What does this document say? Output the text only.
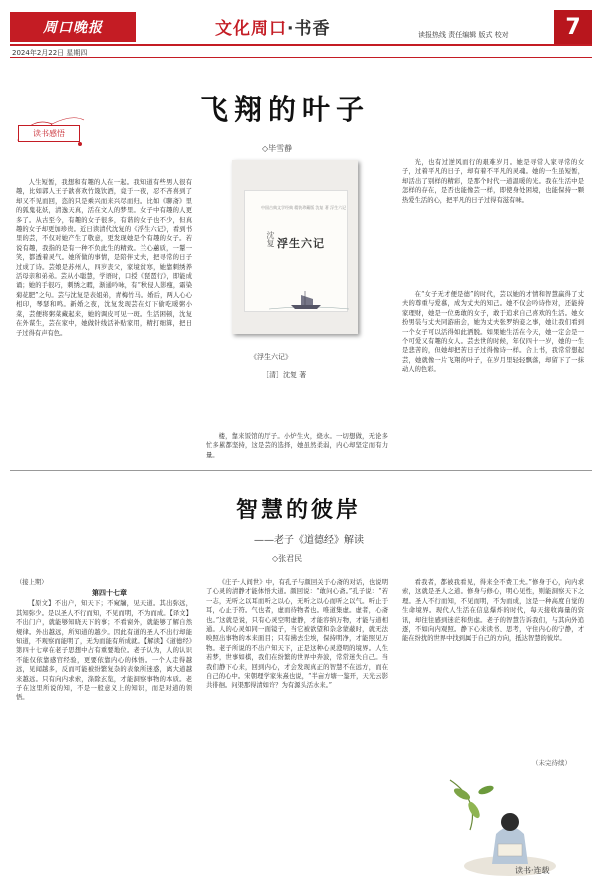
周口晚报	文化周口·书香	读报热线 责任编辑 版式 校对	7
2024年2月22日 星期四
读书感悟
飞翔的叶子
◇毕雪静

人生短暂，我想和有趣的人在一起。我知道有些男人很有趣，比如郭人王子歆喜欢竹篾饮酒，竟于一夜，忍不吝喜到了却又不见而回，恣的只是乘兴而来兴尽而归。比如《聊斋》里的狐鬼花妖，清逸天真，活在文人的梦里。女子中有趣的人更多了。从古至今，有趣的女子很多，有谐的女子也不少，但真趣的女子却更加珍贵。近日读清代沈复的《浮生六记》，看到书里的芸，不仅对她产生了敬意，更发现她是个有趣的女子。若说有趣，我指的是有一种不负此生的精致。兰心蕙质，一颦一笑，都透着灵气。她所做的事情，是陪伴丈夫，把寻常的日子过成了诗。芸娘是苏州人，四岁丧父，家境贫寒，她靠刺绣养活母亲和弟弟。芸从小聪慧，学语时，口授《琵琶行》，即能成诵；她的手很巧，刺绣之暇，渐通吟咏，有“秋侵人影瘦，霜染菊花肥”之句。芸与沈复是表姐弟，青梅竹马。婚后，两人心心相印，琴瑟和鸣。新婚之夜，沈复发现芸在灯下偷吃暖粥小菜，芸便将粥菜藏起来，她的调皮可见一斑。生活困顿，沈复在外谋生，芸在家中，她做针线活补贴家用，精打细算，把日子过得有声有色。

中国古典文学经典 精装珍藏版 沈复 著 浮生六记
沈复 浮生六记
《浮生六记》
［清］沈复 著

楼，靠来饭馆的厅子。小炉生火，烧水。一切想做，无论多忙多累都坚持，这是芸的选择，她虽然柔弱，内心却坚定而有力量。

光，也有过逆风而行的艰难岁月。她是寻常人家寻常的女子，过着平凡的日子，却有着不平凡的灵魂。她的一生虽短暂，却活出了别样的精彩，是那个时代一道温暖的光。我在生活中是怎样的存在，是否也能像芸一样，即使身处困境，也能保持一颗热爱生活的心，把平凡的日子过得有滋有味。

在“女子无才便是德”的时代，芸以她的才情和智慧赢得了丈夫的尊重与爱慕，成为丈夫的知己。她不仅会吟诗作对，还能持家理财，她是一位勇敢的女子，敢于追求自己喜欢的生活。她女扮男装与丈夫同游庙会，她为丈夫张罗纳妾之事，她让我们看到一个女子可以活得如此洒脱。如果她生活在今天，她一定会是一个可爱又有趣的女人。芸去世的时候，年仅四十一岁，她的一生是悲苦的，但她却把苦日子过得像诗一样。合上书，我常常想起芸，她就像一片飞翔的叶子，在岁月里轻轻飘落，却留下了一抹动人的色彩。

智慧的彼岸
——老子《道德经》解读
◇张君民

（接上期）

【原文】不出户，知天下；不窥牖，见天道。其出弥远，其知弥少。是以圣人不行而知，不见而明，不为而成。【译文】不出门户，就能够知晓天下的事；不看窗外，就能够了解自然规律。外出越远，所知道的越少。因此有道的圣人不出行却能知道，不观察而能明了，无为而能有所成就。【解读】《道德经》第四十七章在老子思想中占有重要地位。老子认为，人的认识不能仅依靠感官经验，更要依靠内心的体悟。一个人走得越远，见闻越多，反而可能被纷繁复杂的表象所迷惑，离大道越来越远。只有向内求索，涤除玄览，才能洞察事物的本质。老子在这里所说的知，不是一般意义上的知识，而是对道的领悟。

第四十七章

《庄子·人间世》中，有孔子与颜回关于心斋的对话，也说明了心灵的清静才能体悟大道。颜回说：“敢问心斋。”孔子说：“若一志，无听之以耳而听之以心，无听之以心而听之以气。听止于耳，心止于符。气也者，虚而待物者也。唯道集虚。虚者，心斋也。”这就是说，只有心灵空明虚静，才能容纳万物，才能与道相通。人的心灵如同一面镜子，当它被欲望和杂念蒙蔽时，就无法映照出事物的本来面目；只有拂去尘埃，保持明净，才能照见万物。老子所说的不出户知天下，正是这种心灵澄明的境界。人生若梦，世事如棋，我们在纷繁的世界中奔波，常常迷失自己。当我们静下心来，回到内心，才会发现真正的智慧不在远方，而在自己的心中。宋朝理学家朱熹也说，“半亩方塘一鉴开，天光云影共徘徊。问渠那得清如许？为有源头活水来。”

看我者，都被我看见，得来全不费工夫。”修身于心，向内求索，这就是圣人之道。修身与修心，明心见性，则能洞察天下之理。圣人不行而知，不见而明，不为而成，这是一种高度自觉的生命境界。现代人生活在信息爆炸的时代，每天接收海量的资讯，却往往感到迷茫和焦虑。老子的智慧告诉我们，与其向外追逐，不如向内观照。静下心来读书、思考，守住内心的宁静，才能在纷扰的世界中找到属于自己的方向，抵达智慧的彼岸。

（未完待续）
读书·连载
